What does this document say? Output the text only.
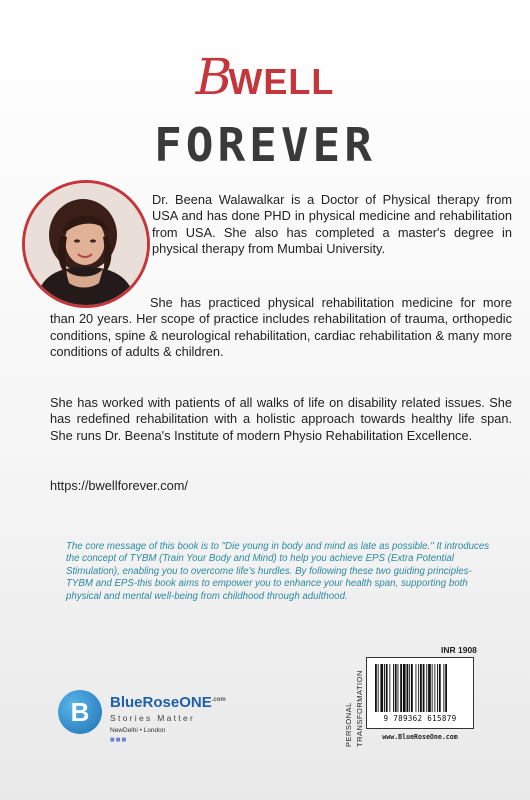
BWELL
FOREVER
Dr. Beena Walawalkar is a Doctor of Physical therapy from USA and has done PHD in physical medicine and rehabilitation from USA. She also has completed a master's degree in physical therapy from Mumbai University.
She has practiced physical rehabilitation medicine for more than 20 years. Her scope of practice includes rehabilitation of trauma, orthopedic conditions, spine & neurological rehabilitation, cardiac rehabilitation & many more conditions of adults & children.
She has worked with patients of all walks of life on disability related issues. She has redefined rehabilitation with a holistic approach towards healthy life span. She runs Dr. Beena's Institute of modern Physio Rehabilitation Excellence.
https://bwellforever.com/
The core message of this book is to "Die young in body and mind as late as possible." It introduces the concept of TYBM (Train Your Body and Mind) to help you achieve EPS (Extra Potential Stimulation), enabling you to overcome life's hurdles. By following these two guiding principles-TYBM and EPS-this book aims to empower you to enhance your health span, supporting both physical and mental well-being from childhood through adulthood.
B	BlueRoseONE$^{.com}$
Stories Matter
NewDelhi • London
■■■	PERSONAL TRANSFORMATION
INR 1908
9 789362 615879
www.BlueRoseOne.com
